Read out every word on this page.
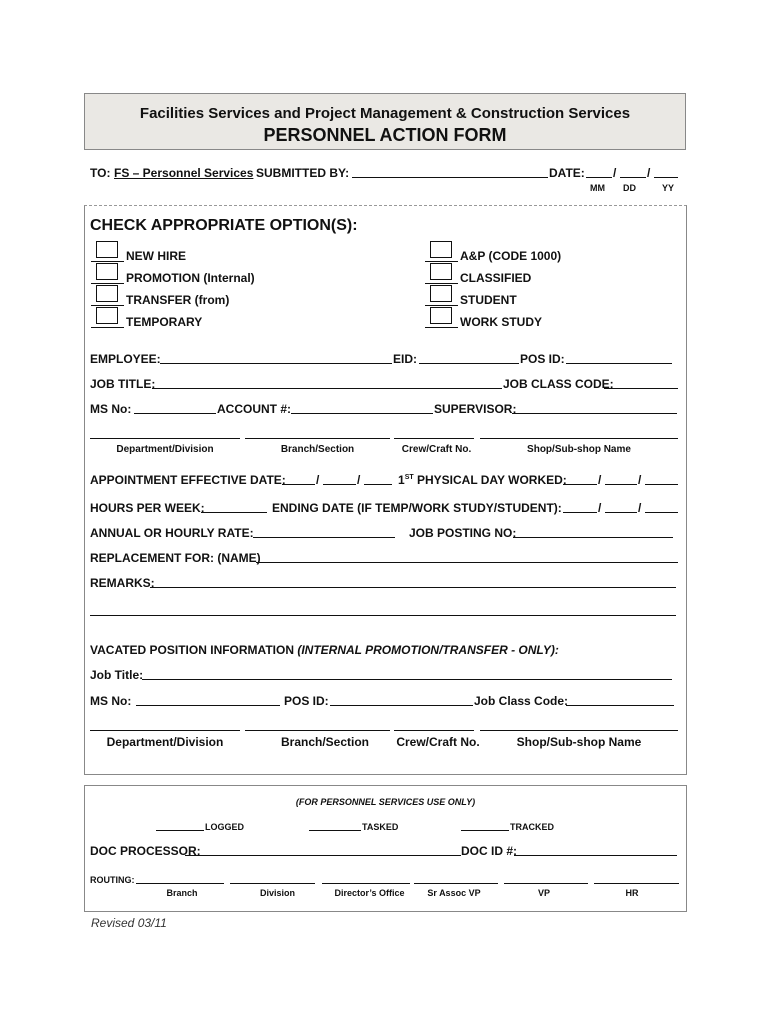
Facilities Services and Project Management & Construction Services
PERSONNEL ACTION FORM
TO: FS – Personnel Services SUBMITTED BY:	DATE: /	/
MM DD	YY
CHECK APPROPRIATE OPTION(S):
NEW HIRE
PROMOTION (Internal)
TRANSFER (from)
TEMPORARY
A&P (CODE 1000)
CLASSIFIED
STUDENT
WORK STUDY
EMPLOYEE:	EID:	POS ID:
JOB TITLE:	JOB CLASS CODE:
MS No:	ACCOUNT #:	SUPERVISOR:
Department/Division	Branch/Section	Crew/Craft No.	Shop/Sub-shop Name
APPOINTMENT EFFECTIVE DATE:	/	/	1ST PHYSICAL DAY WORKED:	/	/
HOURS PER WEEK:	ENDING DATE (IF TEMP/WORK STUDY/STUDENT):	/	/
ANNUAL OR HOURLY RATE:	JOB POSTING NO:
REPLACEMENT FOR: (NAME)
REMARKS:
VACATED POSITION INFORMATION (INTERNAL PROMOTION/TRANSFER - ONLY):
Job Title:
MS No:	POS ID:	Job Class Code:
Department/Division	Branch/Section	Crew/Craft No.	Shop/Sub-shop Name
(FOR PERSONNEL SERVICES USE ONLY)
LOGGED	TASKED	TRACKED
DOC PROCESSOR:	DOC ID #:
ROUTING:
Branch	Division	Director’s Office	Sr Assoc VP	VP	HR
Revised 03/11
